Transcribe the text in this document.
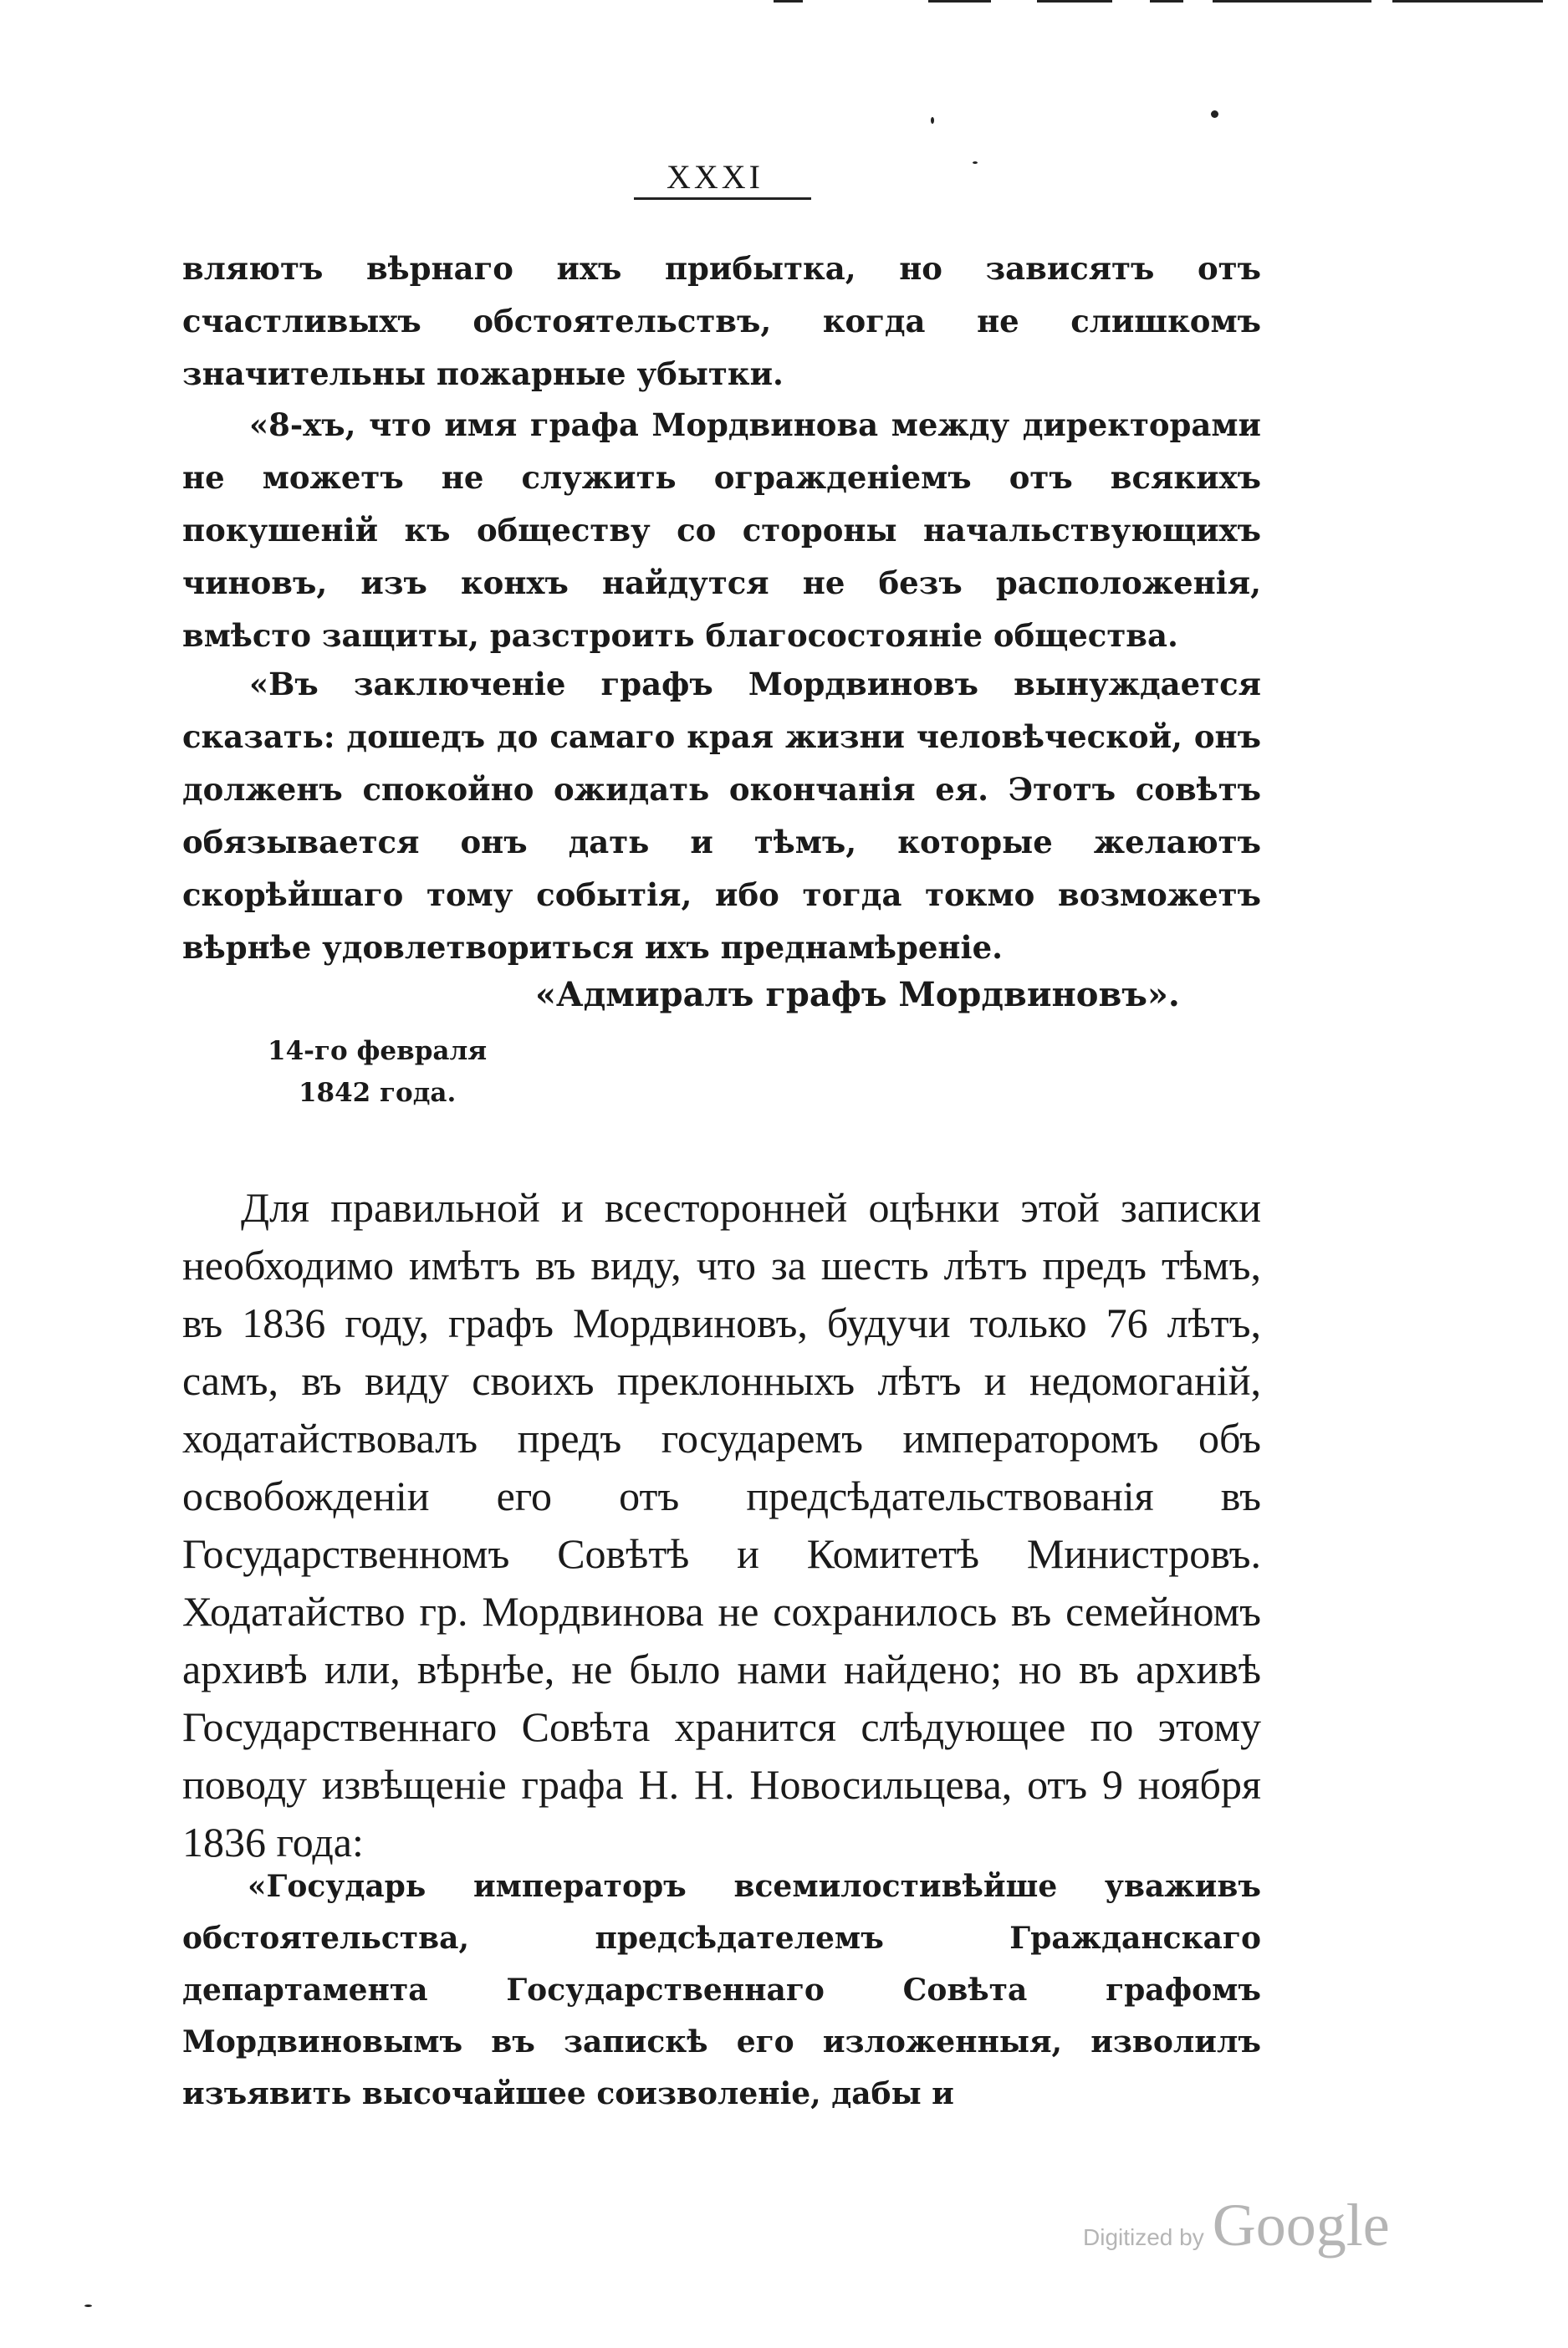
XXXI

вляютъ вѣрнаго ихъ прибытка, но зависятъ отъ счастливыхъ обстоятельствъ, когда не слишкомъ значительны пожарные убытки.

«8-хъ, что имя графа Мордвинова между директорами не можетъ не служить огражденіемъ отъ всякихъ покушеній къ обществу со стороны начальствующихъ чиновъ, изъ конхъ найдутся не безъ расположенія, вмѣсто защиты, разстроить благосостояніе общества.

«Въ заключеніе графъ Мордвиновъ вынуждается сказать: дошедъ до самаго края жизни человѣческой, онъ долженъ спокойно ожидать окончанія ея. Этотъ совѣтъ обязывается онъ дать и тѣмъ, которые желаютъ скорѣйшаго тому событія, ибо тогда токмо возможетъ вѣрнѣе удовлетвориться ихъ преднамѣреніе.

«Адмиралъ графъ Мордвиновъ».
14-го февраля
1842 года.

Для правильной и всесторонней оцѣнки этой записки необходимо имѣтъ въ виду, что за шесть лѣтъ предъ тѣмъ, въ 1836 году, графъ Мордвиновъ, будучи только 76 лѣтъ, самъ, въ виду своихъ преклонныхъ лѣтъ и недомоганій, ходатайствовалъ предъ государемъ императоромъ объ освобожденіи его отъ предсѣдательствованія въ Государственномъ Совѣтѣ и Комитетѣ Министровъ. Ходатайство гр. Мордвинова не сохранилось въ семейномъ архивѣ или, вѣрнѣе, не было нами найдено; но въ архивѣ Государственнаго Совѣта хранится слѣдующее по этому поводу извѣщеніе графа Н. Н. Новосильцева, отъ 9 ноября 1836 года:

«Государь императоръ всемилостивѣйше уваживъ обстоятельства, предсѣдателемъ Гражданскаго департамента Государственнаго Совѣта графомъ Мордвиновымъ въ запискѣ его изложенныя, изволилъ изъявить высочайшее соизволеніе, дабы и

Digitized by Google
